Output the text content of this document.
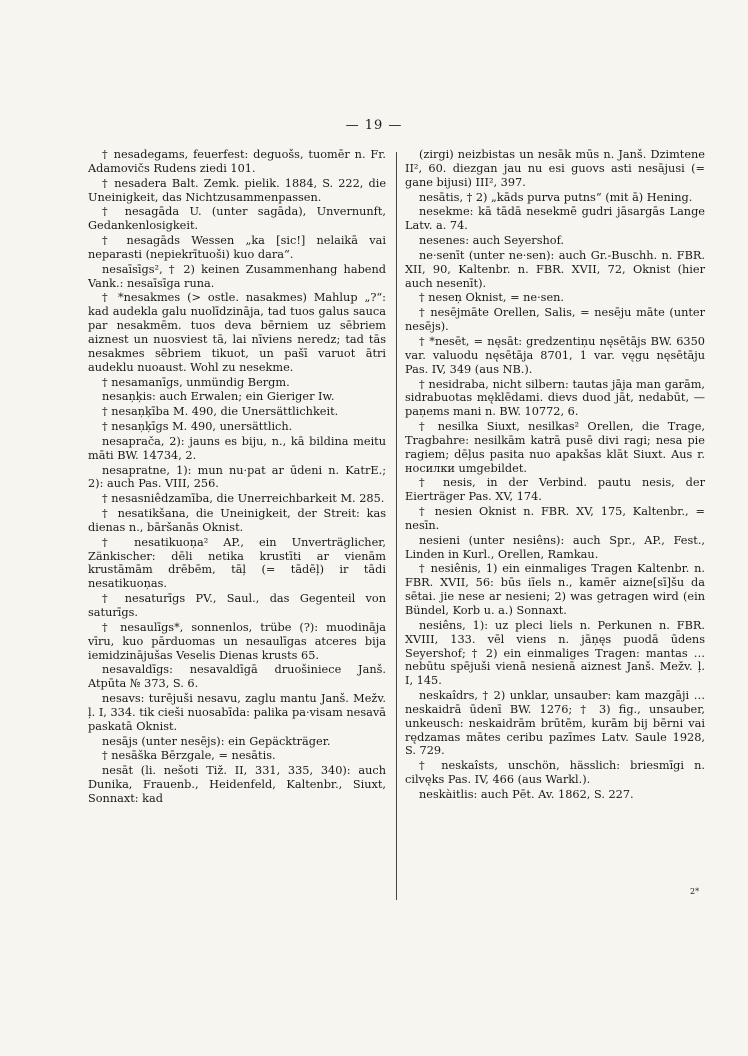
— 19 —

† nesadegams, feuerfest: deguošs, tuomēr n. Fr. Adamovičs Rudens ziedi 101.

† nesadera Balt. Zemk. pielik. 1884, S. 222, die Uneinigkeit, das Nichtzusammenpassen.

† nesagāda U. (unter sagāda), Unvernunft, Gedankenlosigkeit.

† nesagāds Wessen „ka [sic!] nelaikā vai neparasti (nepiekrītuoši) kuo dara“.

nesaīsīgs², † 2) keinen Zusammenhang habend Vank.: nesaīsīga runa.

† *nesakmes (> ostle. nasakmes) Mahlup „?“: kad audekla galu nuolīdzināja, tad tuos galus sauca par nesakmēm. tuos deva bērniem uz sēbriem aiznest un nuosviest tā, lai nīviens neredz; tad tās nesakmes sēbriem tikuot, un pašī varuot ātri audeklu nuoaust. Wohl zu nesekme.

† nesamanīgs, unmündig Bergm.

nesaņķis: auch Erwalen; ein Gieriger Iw.

† nesaņķība M. 490, die Unersättlichkeit.

† nesaņķīgs M. 490, unersättlich.

nesaprača, 2): jauns es biju, n., kā bildina meitu māti BW. 14734, 2.

nesapratne, 1): mun nu·pat ar ūdeni n. KatrE.; 2): auch Pas. VIII, 256.

† nesasniêdzamība, die Unerreichbarkeit M. 285.

† nesatikšana, die Uneinigkeit, der Streit: kas dienas n., bāršanās Oknist.

† nesatikuoņa² AP., ein Unverträglicher, Zänkischer: dēli netika krustīti ar vienām krustāmām drēbēm, tāļ (= tādēļ) ir tādi nesatikuoņas.

† nesaturīgs PV., Saul., das Gegenteil von saturīgs.

† nesaulīgs*, sonnenlos, trübe (?): muodināja vīru, kuo pārduomas un nesaulīgas atceres bija iemidzinājušas Veselis Dienas krusts 65.

nesavaldīgs: nesavaldīgā druošiniece Janš. Atpūta № 373, S. 6.

nesavs: turējuši nesavu, zaglu mantu Janš. Mežv. ļ. I, 334. tik cieši nuosabīda: palika pa·visam nesavā paskatā Oknist.

nesājs (unter nesējs): ein Gepäckträger.

† nesāška Bērzgale, = nesātis.

nesāt (li. nešoti Tiž. II, 331, 335, 340): auch Dunika, Frauenb., Heidenfeld, Kaltenbr., Siuxt, Sonnaxt: kad

(zirgi) neizbistas un nesāk mūs n. Janš. Dzimtene II², 60. diezgan jau nu esi guovs asti nesājusi (= gane bijusi) III², 397.

nesātis, † 2) „kāds purva putns“ (mit ā) Hening.

nesekme: kā tādā nesekmē gudri jāsargās Lange Latv. a. 74.

nesenes: auch Seyershof.

ne·senīt (unter ne·sen): auch Gr.-Buschh. n. FBR. XII, 90, Kaltenbr. n. FBR. XVII, 72, Oknist (hier auch nesenīt).

† neseņ Oknist, = ne·sen.

† nesējmāte Orellen, Salis, = nesēju māte (unter nesējs).

† *nesēt, = nęsāt: gredzentiņu nęsētājs BW. 6350 var. valuodu nęsētāja 8701, 1 var. vęgu nęsētāju Pas. IV, 349 (aus NB.).

† nesidraba, nicht silbern: tautas jāja man garām, sidrabuotas męklēdami. dievs duod jāt, nedabūt, — paņems mani n. BW. 10772, 6.

† nesilka Siuxt, nesilkas² Orellen, die Trage, Tragbahre: nesilkām katrā pusē divi ragi; nesa pie ragiem; dēļus pasita nuo apakšas klāt Siuxt. Aus r. носилки umgebildet.

† nesis, in der Verbind. pautu nesis, der Eierträger Pas. XV, 174.

† nesien Oknist n. FBR. XV, 175, Kaltenbr., = nesīn.

nesieni (unter nesiêns): auch Spr., AP., Fest., Linden in Kurl., Orellen, Ramkau.

† nesiênis, 1) ein einmaliges Tragen Kaltenbr. n. FBR. XVII, 56: būs iīels n., kamēr aizne[sī]šu da sētai. jie nese ar nesieni; 2) was getragen wird (ein Bündel, Korb u. a.) Sonnaxt.

nesiêns, 1): uz pleci liels n. Perkunen n. FBR. XVIII, 133. vēl viens n. jāņęs puodā ūdens Seyershof; † 2) ein einmaliges Tragen: mantas … nebūtu spējuši vienā nesienā aiznest Janš. Mežv. ļ. I, 145.

neskaîdrs, † 2) unklar, unsauber: kam mazgāji … neskaidrā ūdenī BW. 1276; † 3) fig., unsauber, unkeusch: neskaidrām brūtēm, kurām bij bērni vai rędzamas mātes ceribu pazīmes Latv. Saule 1928, S. 729.

† neskaîsts, unschön, hässlich: briesmīgi n. cilvęks Pas. IV, 466 (aus Warkl.).

neskàitlis: auch Pēt. Av. 1862, S. 227.

2*
